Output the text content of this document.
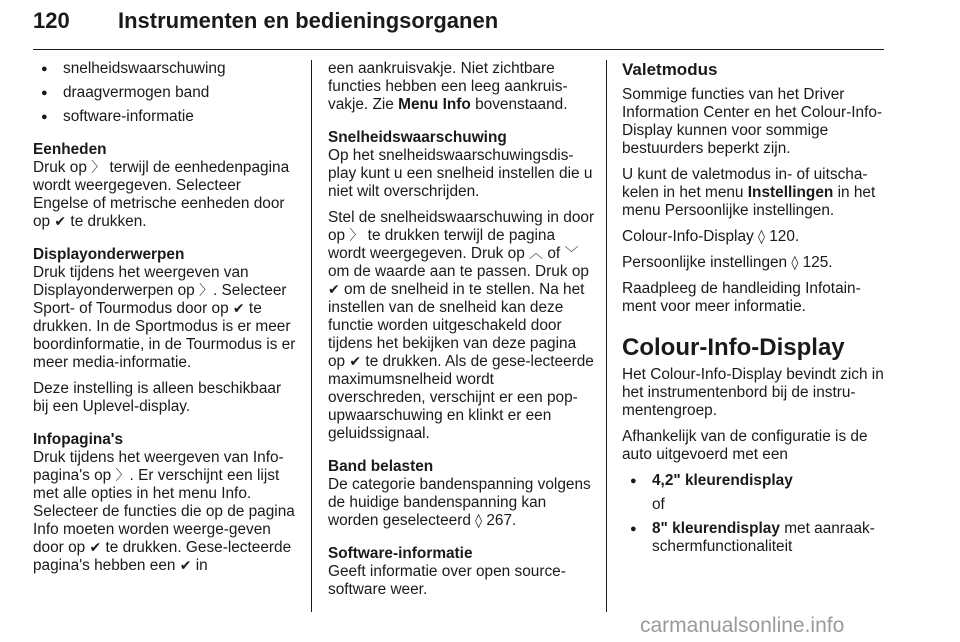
120	Instrumenten en bedieningsorganen
● snelheidswaarschuwing
● draagvermogen band
● software-informatie
Eenheden

Druk op 〉 terwijl de eenhedenpagina wordt weergegeven. Selecteer Engelse of metrische eenheden door op ✔ te drukken.

Displayonderwerpen

Druk tijdens het weergeven van Displayonderwerpen op 〉. Selecteer Sport- of Tourmodus door op ✔ te drukken. In de Sportmodus is er meer boordinformatie, in de Tourmodus is er meer media-informatie.

Deze instelling is alleen beschikbaar bij een Uplevel-display.

Infopagina's

Druk tijdens het weergeven van Info-pagina's op 〉. Er verschijnt een lijst met alle opties in het menu Info. Selecteer de functies die op de pagina Info moeten worden weerge-geven door op ✔ te drukken. Gese-lecteerde pagina's hebben een ✔ in

een aankruisvakje. Niet zichtbare functies hebben een leeg aankruis-vakje. Zie Menu Info bovenstaand.

Snelheidswaarschuwing

Op het snelheidswaarschuwingsdis-play kunt u een snelheid instellen die u niet wilt overschrijden.

Stel de snelheidswaarschuwing in door op 〉 te drukken terwijl de pagina wordt weergegeven. Druk op ︿ of ﹀ om de waarde aan te passen. Druk op ✔ om de snelheid in te stellen. Na het instellen van de snelheid kan deze functie worden uitgeschakeld door tijdens het bekijken van deze pagina op ✔ te drukken. Als de gese-lecteerde maximumsnelheid wordt overschreden, verschijnt er een pop-upwaarschuwing en klinkt er een geluidssignaal.

Band belasten

De categorie bandenspanning volgens de huidige bandenspanning kan worden geselecteerd ◊ 267.

Software-informatie

Geeft informatie over open source-software weer.

Valetmodus

Sommige functies van het Driver Information Center en het Colour-Info-Display kunnen voor sommige bestuurders beperkt zijn.

U kunt de valetmodus in- of uitscha-kelen in het menu Instellingen in het menu Persoonlijke instellingen.

Colour-Info-Display ◊ 120.

Persoonlijke instellingen ◊ 125.

Raadpleeg de handleiding Infotain-ment voor meer informatie.

Colour-Info-Display

Het Colour-Info-Display bevindt zich in het instrumentenbord bij de instru-mentengroep.

Afhankelijk van de configuratie is de auto uitgevoerd met een

● 4,2" kleurendisplay
of
● 8" kleurendisplay met aanraak-schermfunctionaliteit
carmanualsonline.info
